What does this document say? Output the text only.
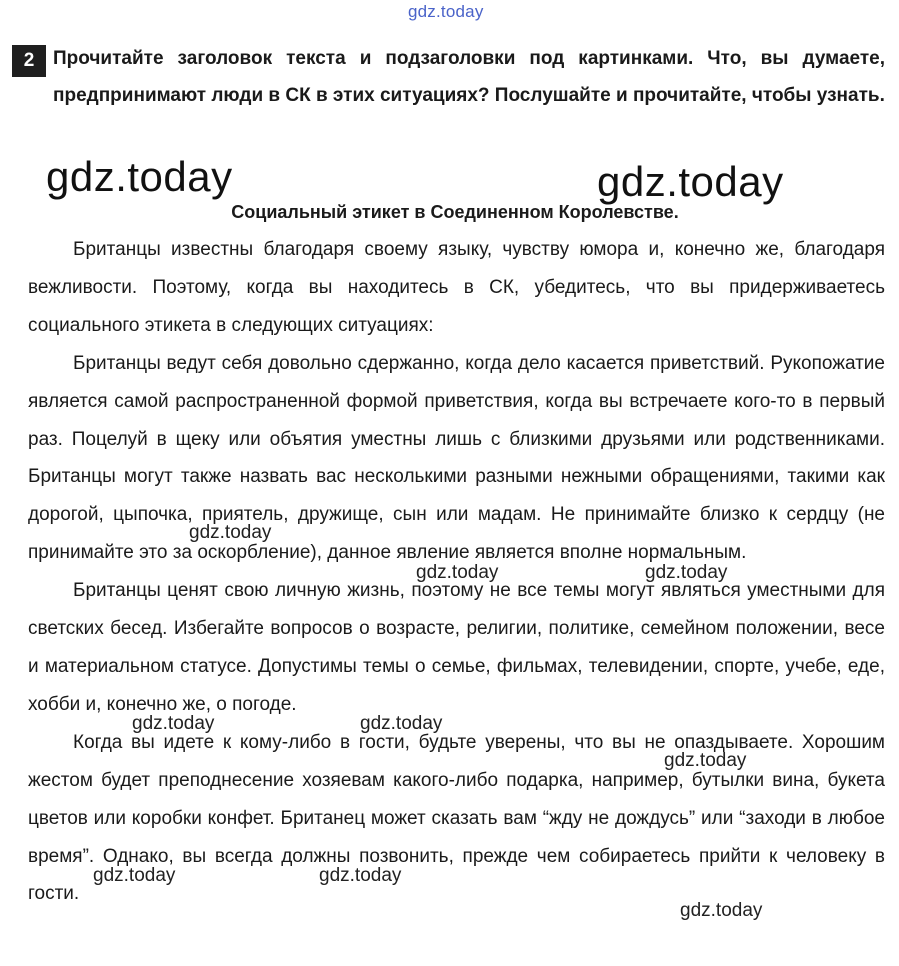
gdz.today
2 Прочитайте заголовок текста и подзаголовки под картинками. Что, вы думаете, предпринимают люди в СК в этих ситуациях? Послушайте и прочитайте, чтобы узнать.

gdz.today	gdz.today
Социальный этикет в Соединенном Королевстве.

Британцы известны благодаря своему языку, чувству юмора и, конечно же, благодаря вежливости. Поэтому, когда вы находитесь в СК, убедитесь, что вы придерживаетесь социального этикета в следующих ситуациях:

Британцы ведут себя довольно сдержанно, когда дело касается приветствий. Рукопожатие является самой распространенной формой приветствия, когда вы встречаете кого-то в первый раз. Поцелуй в щеку или объятия уместны лишь с близкими друзьями или родственниками. Британцы могут также назвать вас несколькими разными нежными обращениями, такими как дорогой, цыпочка, приятель, дружище, сын или мадам. Не принимайте близко к сердцу (не принимайте это за оскорбление), данное явление является вполне нормальным.

Британцы ценят свою личную жизнь, поэтому не все темы могут являться уместными для светских бесед. Избегайте вопросов о возрасте, религии, политике, семейном положении, весе и материальном статусе. Допустимы темы о семье, фильмах, телевидении, спорте, учебе, еде, хобби и, конечно же, о погоде.

Когда вы идете к кому-либо в гости, будьте уверены, что вы не опаздываете. Хорошим жестом будет преподнесение хозяевам какого-либо подарка, например, бутылки вина, букета цветов или коробки конфет. Британец может сказать вам “жду не дождусь” или “заходи в любое время”. Однако, вы всегда должны позвонить, прежде чем собираетесь прийти к человеку в гости.

gdz.today
gdz.today	gdz.today
gdz.today	gdz.today
gdz.today
gdz.today	gdz.today
gdz.today
